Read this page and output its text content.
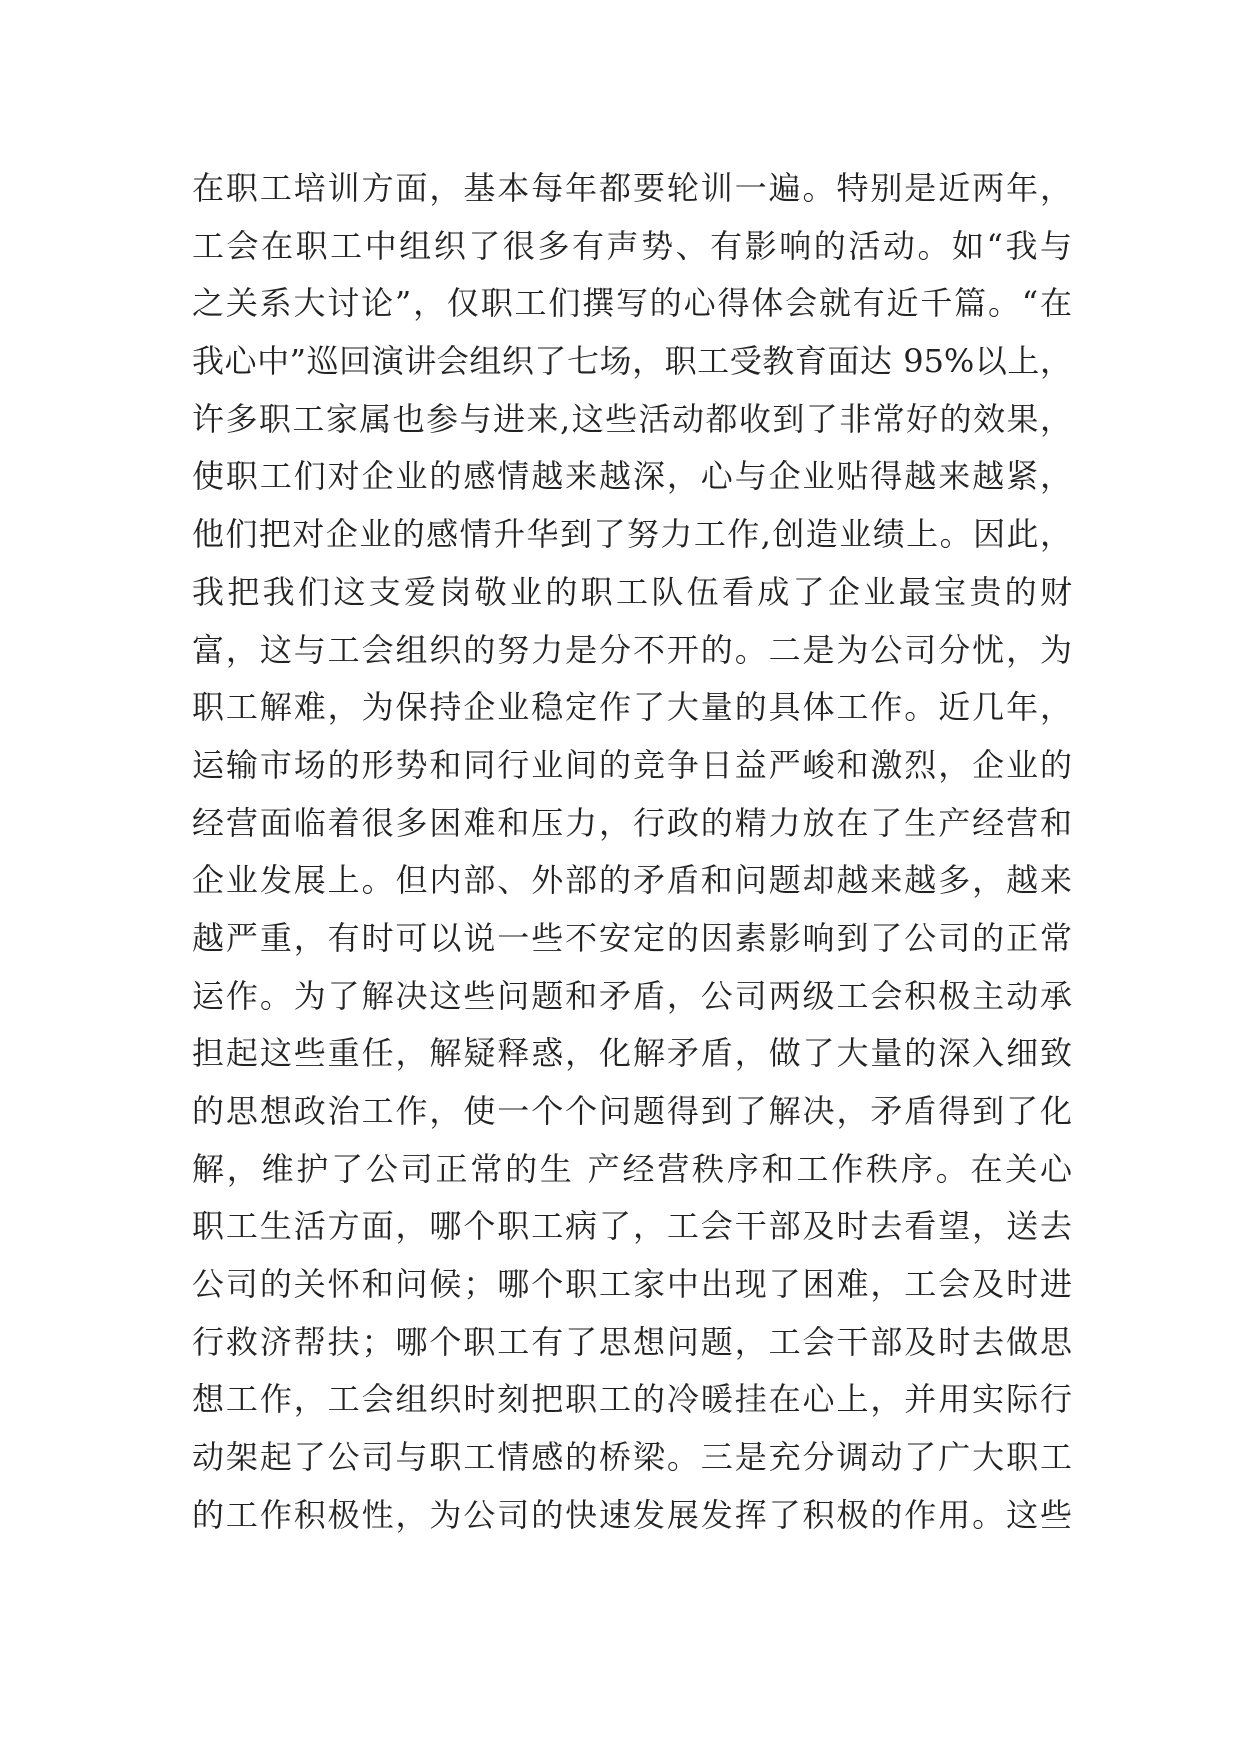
在职工培训方面，基本每年都要轮训一遍。特别是近两年，
工会在职工中组织了很多有声势、有影响的活动。如“我与
之关系大讨论”，仅职工们撰写的心得体会就有近千篇。“在
我心中”巡回演讲会组织了七场，职工受教育面达 95%以上，
许多职工家属也参与进来,这些活动都收到了非常好的效果，
使职工们对企业的感情越来越深，心与企业贴得越来越紧，
他们把对企业的感情升华到了努力工作,创造业绩上。因此，
我把我们这支爱岗敬业的职工队伍看成了企业最宝贵的财
富，这与工会组织的努力是分不开的。二是为公司分忧，为
职工解难，为保持企业稳定作了大量的具体工作。近几年，
运输市场的形势和同行业间的竞争日益严峻和激烈，企业的
经营面临着很多困难和压力，行政的精力放在了生产经营和
企业发展上。但内部、外部的矛盾和问题却越来越多，越来
越严重，有时可以说一些不安定的因素影响到了公司的正常
运作。为了解决这些问题和矛盾，公司两级工会积极主动承
担起这些重任，解疑释惑，化解矛盾，做了大量的深入细致
的思想政治工作，使一个个问题得到了解决，矛盾得到了化
解，维护了公司正常的生 产经营秩序和工作秩序。在关心
职工生活方面，哪个职工病了，工会干部及时去看望，送去
公司的关怀和问候；哪个职工家中出现了困难，工会及时进
行救济帮扶；哪个职工有了思想问题，工会干部及时去做思
想工作，工会组织时刻把职工的冷暖挂在心上，并用实际行
动架起了公司与职工情感的桥梁。三是充分调动了广大职工
的工作积极性，为公司的快速发展发挥了积极的作用。这些
